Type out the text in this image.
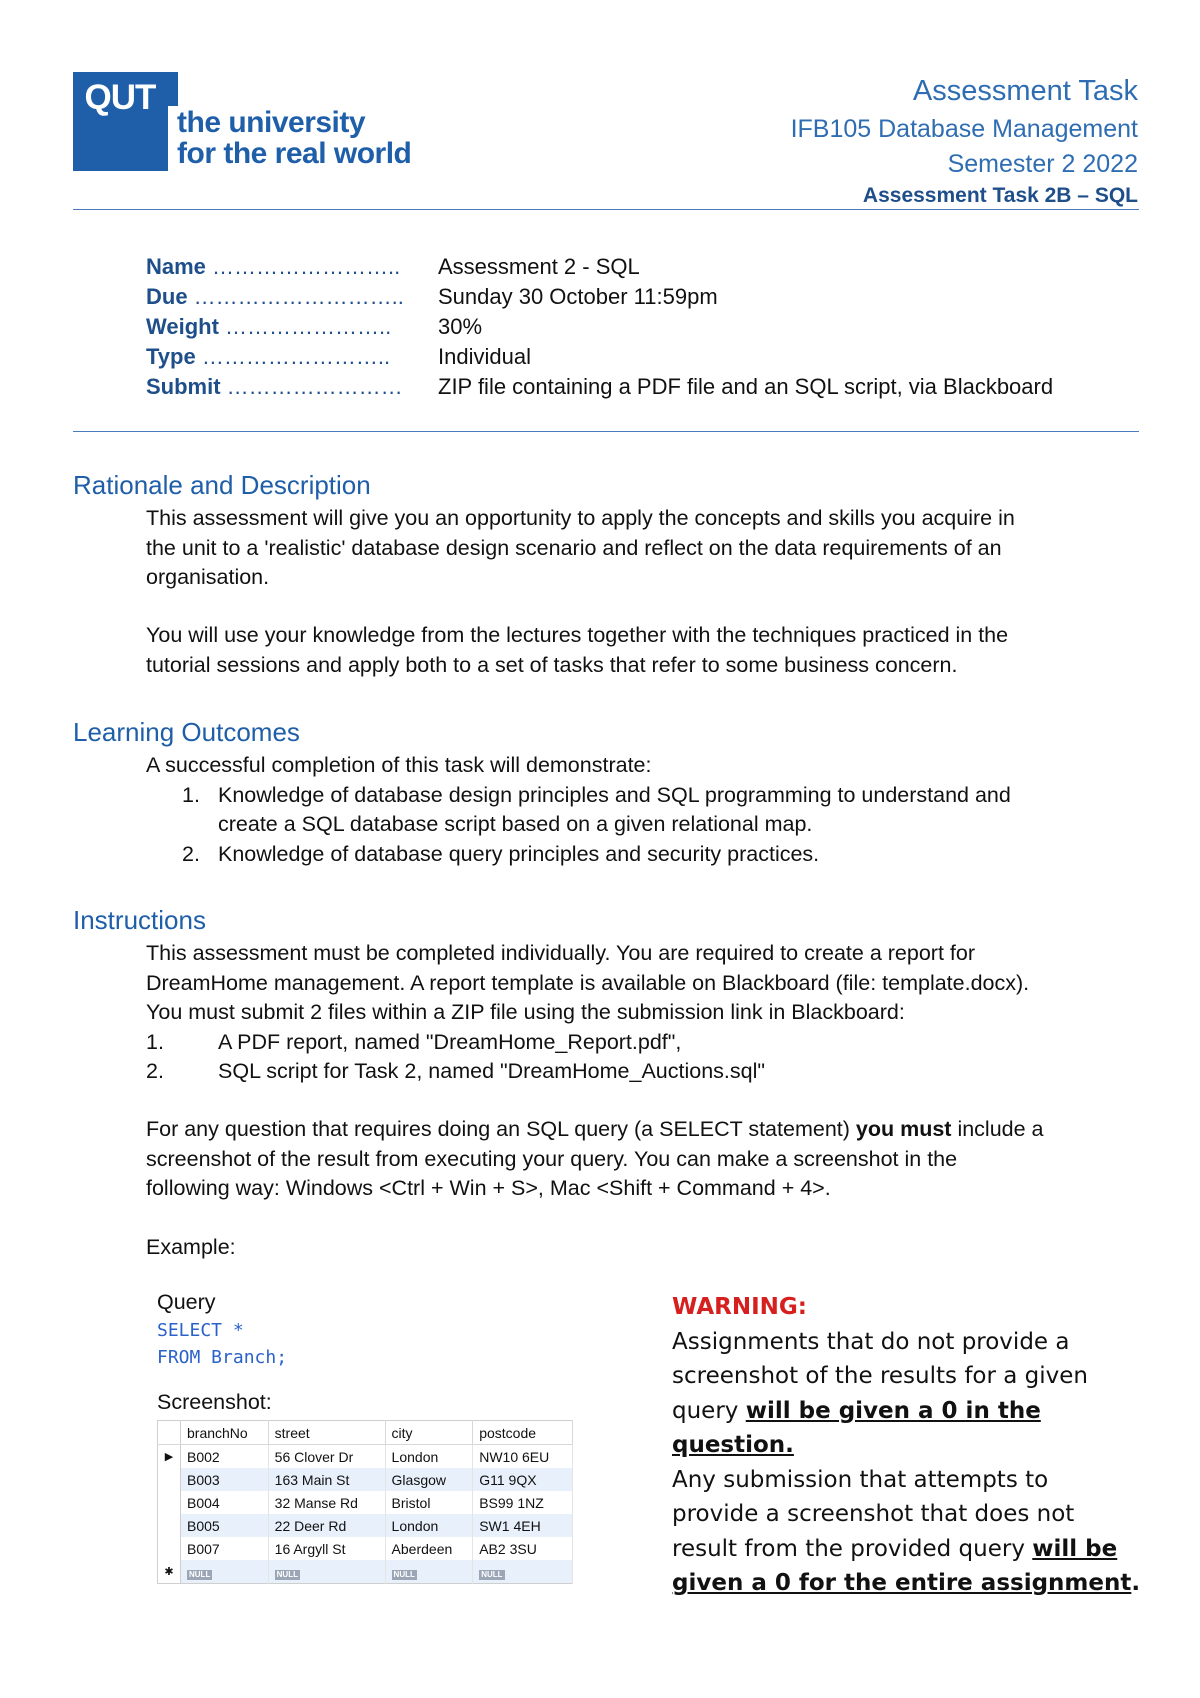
QUT
the university
for the real world
Assessment Task
IFB105 Database Management
Semester 2 2022
Assessment Task 2B – SQL
Name ……………………..	Assessment 2 - SQL
Due ………………………..	Sunday 30 October 11:59pm
Weight …………………..	30%
Type ……………………..	Individual
Submit ……………………	ZIP file containing a PDF file and an SQL script, via Blackboard
Rationale and Description
This assessment will give you an opportunity to apply the concepts and skills you acquire in
the unit to a 'realistic' database design scenario and reflect on the data requirements of an
organisation.
You will use your knowledge from the lectures together with the techniques practiced in the
tutorial sessions and apply both to a set of tasks that refer to some business concern.
Learning Outcomes
A successful completion of this task will demonstrate:
1. Knowledge of database design principles and SQL programming to understand and
create a SQL database script based on a given relational map.
2. Knowledge of database query principles and security practices.
Instructions
This assessment must be completed individually. You are required to create a report for
DreamHome management. A report template is available on Blackboard (file: template.docx).
You must submit 2 files within a ZIP file using the submission link in Blackboard:
1.	A PDF report, named "DreamHome_Report.pdf",
2.	SQL script for Task 2, named "DreamHome_Auctions.sql"
For any question that requires doing an SQL query (a SELECT statement) you must include a
screenshot of the result from executing your query. You can make a screenshot in the
following way: Windows <Ctrl + Win + S>, Mac <Shift + Command + 4>.
Example:
Query
SELECT *
FROM Branch;
Screenshot:
	branchNo	street	city	postcode
▶	B002	56 Clover Dr	London	NW10 6EU
	B003	163 Main St	Glasgow	G11 9QX
	B004	32 Manse Rd	Bristol	BS99 1NZ
	B005	22 Deer Rd	London	SW1 4EH
	B007	16 Argyll St	Aberdeen	AB2 3SU
✱	NULL	NULL	NULL	NULL
WARNING:
Assignments that do not provide a
screenshot of the results for a given
query will be given a 0 in the
question.
Any submission that attempts to
provide a screenshot that does not
result from the provided query will be
given a 0 for the entire assignment.
